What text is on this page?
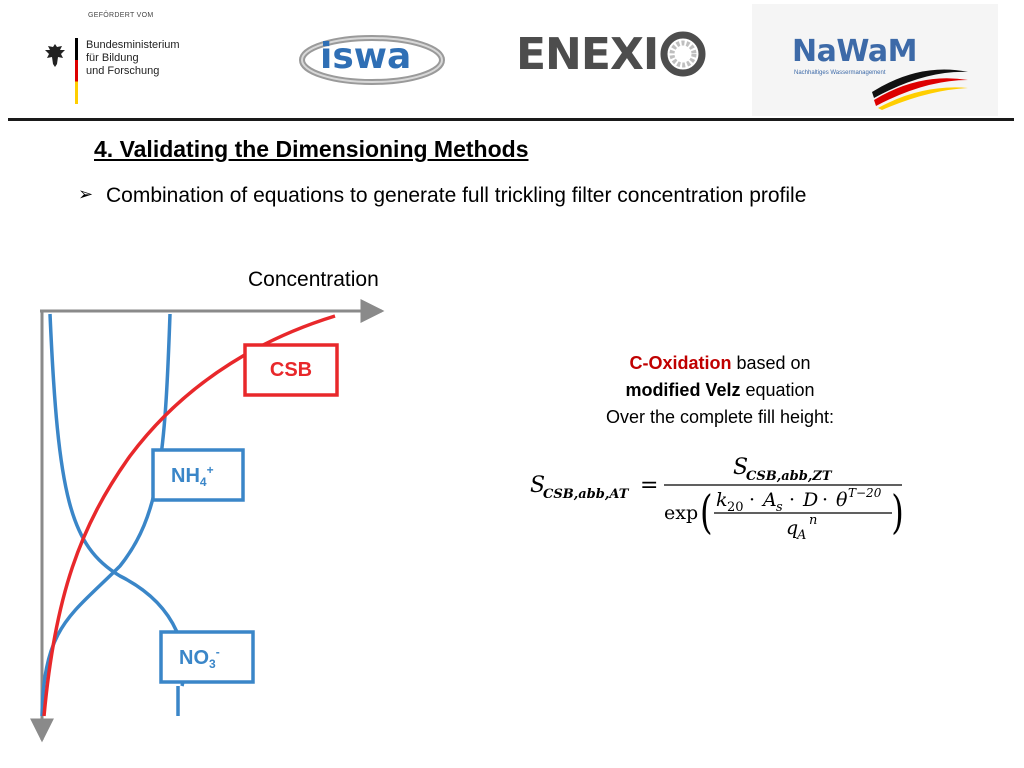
GEFÖRDERT VOM
Bundesministerium
für Bildung
und Forschung	iswa ENEXI	NaWaM
Nachhaltiges Wassermanagement
4. Validating the Dimensioning Methods
➢ Combination of equations to generate full trickling filter concentration profile
Concentration
CSB
$NH_4^+$
$NO_3^-$
C-Oxidation based on
modified Velz equation
Over the complete fill height:
S
CSB,abb,AT =
S
CSB,abb,ZT
exp ( k 20 · A s · D · θ T−20
q
A
n )
